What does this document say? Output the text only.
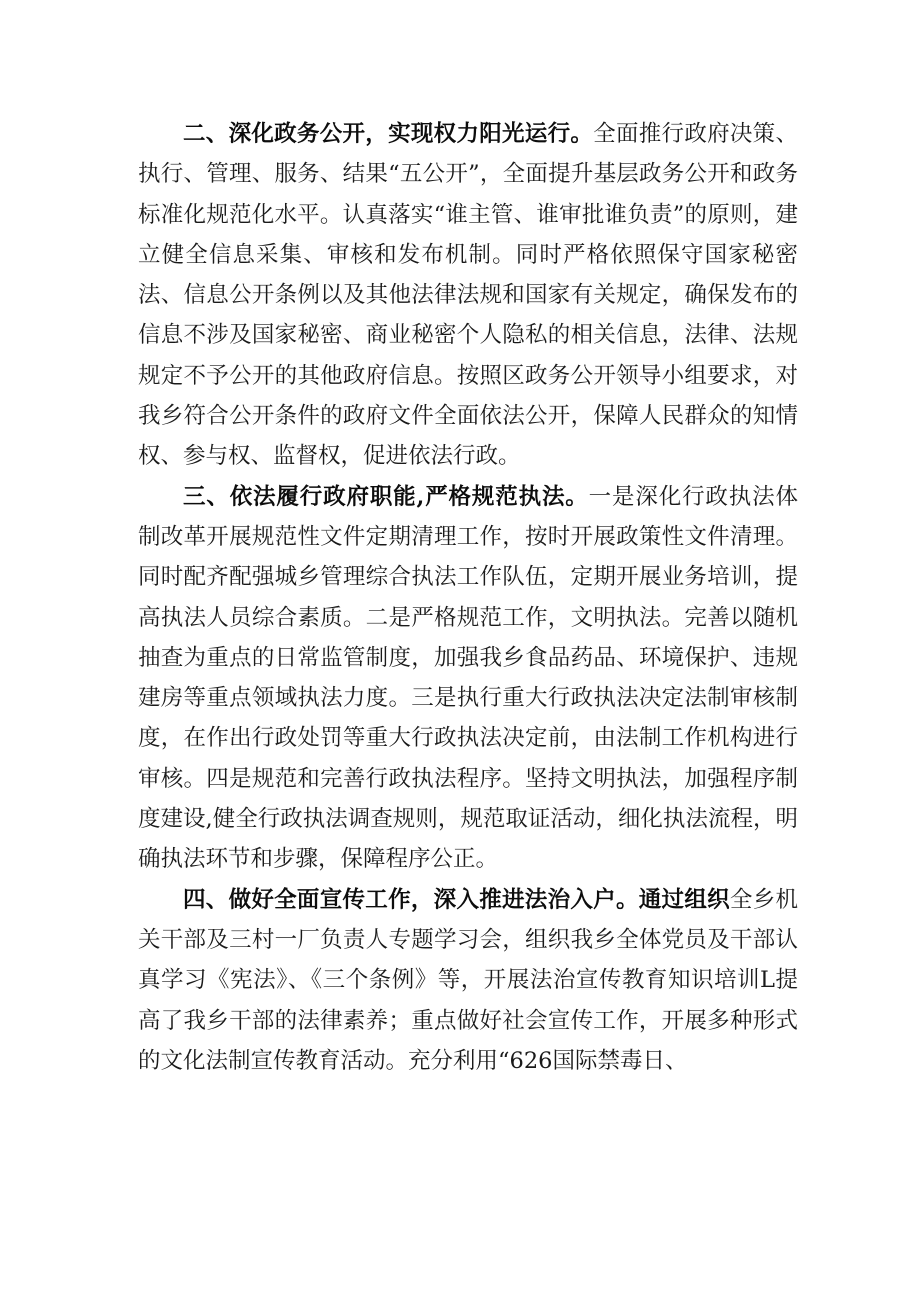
二、深化政务公开，实现权力阳光运行。全面推行政府决策、执行、管理、服务、结果“五公开”，全面提升基层政务公开和政务标准化规范化水平。认真落实“谁主管、谁审批谁负责”的原则，建立健全信息采集、审核和发布机制。同时严格依照保守国家秘密法、信息公开条例以及其他法律法规和国家有关规定，确保发布的信息不涉及国家秘密、商业秘密个人隐私的相关信息，法律、法规规定不予公开的其他政府信息。按照区政务公开领导小组要求，对我乡符合公开条件的政府文件全面依法公开，保障人民群众的知情权、参与权、监督权，促进依法行政。

三、依法履行政府职能,严格规范执法。一是深化行政执法体制改革开展规范性文件定期清理工作，按时开展政策性文件清理。同时配齐配强城乡管理综合执法工作队伍，定期开展业务培训，提高执法人员综合素质。二是严格规范工作，文明执法。完善以随机抽查为重点的日常监管制度，加强我乡食品药品、环境保护、违规建房等重点领域执法力度。三是执行重大行政执法决定法制审核制度，在作出行政处罚等重大行政执法决定前，由法制工作机构进行审核。四是规范和完善行政执法程序。坚持文明执法，加强程序制度建设,健全行政执法调查规则，规范取证活动，细化执法流程，明确执法环节和步骤，保障程序公正。

四、做好全面宣传工作，深入推进法治入户。通过组织全乡机关干部及三村一厂负责人专题学习会，组织我乡全体党员及干部认真学习《宪法》、《三个条例》等，开展法治宣传教育知识培训L提高了我乡干部的法律素养；重点做好社会宣传工作，开展多种形式的文化法制宣传教育活动。充分利用“626国际禁毒日、
